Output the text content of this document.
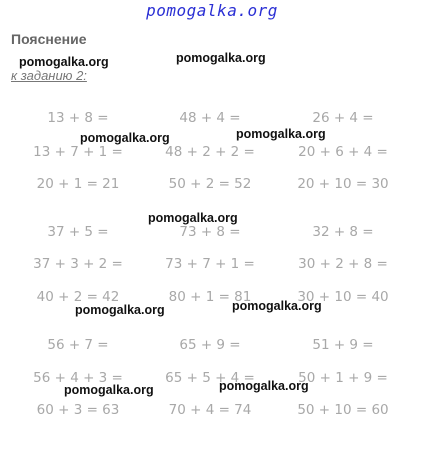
pomogalka.org
Пояснение
к заданию 2:
13 + 8 =
13 + 7 + 1 =
20 + 1 = 21
48 + 4 =
48 + 2 + 2 =
50 + 2 = 52
26 + 4 =
20 + 6 + 4 =
20 + 10 = 30
37 + 5 =
37 + 3 + 2 =
40 + 2 = 42
73 + 8 =
73 + 7 + 1 =
80 + 1 = 81
32 + 8 =
30 + 2 + 8 =
30 + 10 = 40
56 + 7 =
56 + 4 + 3 =
60 + 3 = 63
65 + 9 =
65 + 5 + 4 =
70 + 4 = 74
51 + 9 =
50 + 1 + 9 =
50 + 10 = 60
pomogalka.org
pomogalka.org
pomogalka.org	pomogalka.org
pomogalka.org
pomogalka.org	pomogalka.org
pomogalka.org
pomogalka.org
